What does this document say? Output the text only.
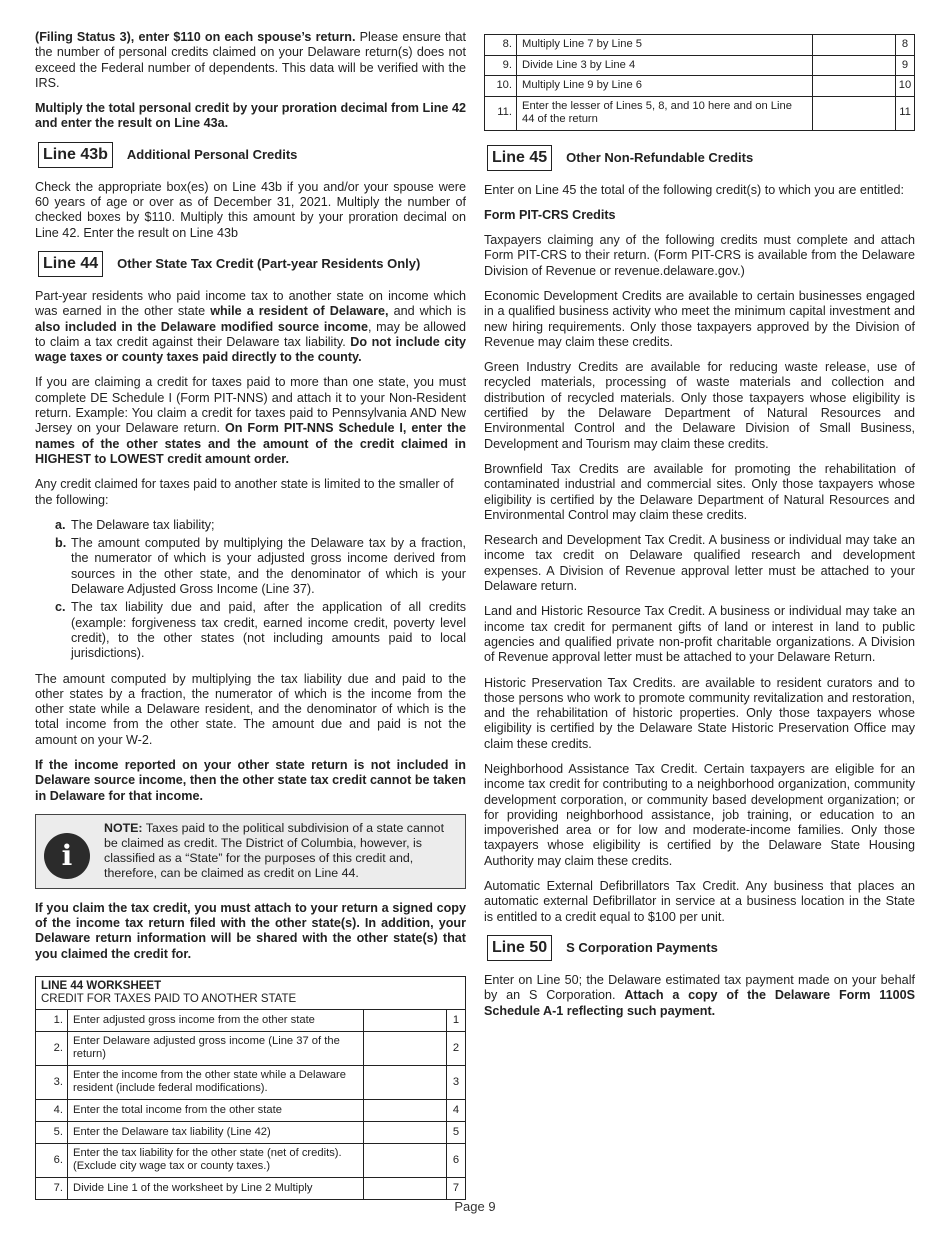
(Filing Status 3), enter $110 on each spouse’s return. Please ensure that the number of personal credits claimed on your Delaware return(s) does not exceed the Federal number of dependents. This data will be verified with the IRS.

Multiply the total personal credit by your proration decimal from Line 42 and enter the result on Line 43a.

Line 43b	Additional Personal Credits

Check the appropriate box(es) on Line 43b if you and/or your spouse were 60 years of age or over as of December 31, 2021. Multiply the number of checked boxes by $110. Multiply this amount by your proration decimal on Line 42. Enter the result on Line 43b

Line 44	Other State Tax Credit (Part-year Residents Only)

Part-year residents who paid income tax to another state on income which was earned in the other state while a resident of Delaware, and which is also included in the Delaware modified source income, may be allowed to claim a tax credit against their Delaware tax liability. Do not include city wage taxes or county taxes paid directly to the county.

If you are claiming a credit for taxes paid to more than one state, you must complete DE Schedule I (Form PIT-NNS) and attach it to your Non-Resident return. Example: You claim a credit for taxes paid to Pennsylvania AND New Jersey on your Delaware return. On Form PIT-NNS Schedule I, enter the names of the other states and the amount of the credit claimed in HIGHEST to LOWEST credit amount order.

Any credit claimed for taxes paid to another state is limited to the smaller of the following:

a. The Delaware tax liability;
b. The amount computed by multiplying the Delaware tax by a fraction, the numerator of which is your adjusted gross income derived from sources in the other state, and the denominator of which is your Delaware Adjusted Gross Income (Line 37).
c. The tax liability due and paid, after the application of all credits (example: forgiveness tax credit, earned income credit, poverty level credit), to the other states (not including amounts paid to local jurisdictions).

The amount computed by multiplying the tax liability due and paid to the other states by a fraction, the numerator of which is the income from the other state while a Delaware resident, and the denominator of which is the total income from the other state. The amount due and paid is not the amount on your W-2.

If the income reported on your other state return is not included in Delaware source income, then the other state tax credit cannot be taken in Delaware for that income.

i
NOTE: Taxes paid to the political subdivision of a state cannot be claimed as credit. The District of Columbia, however, is classified as a “State” for the purposes of this credit and, therefore, can be claimed as credit on Line 44.

If you claim the tax credit, you must attach to your return a signed copy of the income tax return filed with the other state(s). In addition, your Delaware return information will be shared with the other state(s) that you claimed the credit for.

LINE 44 WORKSHEET
CREDIT FOR TAXES PAID TO ANOTHER STATE			
1.	Enter adjusted gross income from the other state		1
2.	Enter Delaware adjusted gross income (Line 37 of the return)		2
3.	Enter the income from the other state while a Delaware resident (include federal modifications).		3
4.	Enter the total income from the other state		4
5.	Enter the Delaware tax liability (Line 42)		5
6.	Enter the tax liability for the other state (net of credits). (Exclude city wage tax or county taxes.)		6
7.	Divide Line 1 of the worksheet by Line 2 Multiply		7
8.	Multiply Line 7 by Line 5		8
9.	Divide Line 3 by Line 4		9
10.	Multiply Line 9 by Line 6		10
11.	Enter the lesser of Lines 5, 8, and 10 here and on Line 44 of the return		11
Line 45	Other Non-Refundable Credits

Enter on Line 45 the total of the following credit(s) to which you are entitled:

Form PIT-CRS Credits

Taxpayers claiming any of the following credits must complete and attach Form PIT-CRS to their return. (Form PIT-CRS is available from the Delaware Division of Revenue or revenue.delaware.gov.)

Economic Development Credits are available to certain businesses engaged in a qualified business activity who meet the minimum capital investment and new hiring requirements. Only those taxpayers approved by the Division of Revenue may claim these credits.

Green Industry Credits are available for reducing waste release, use of recycled materials, processing of waste materials and collection and distribution of recycled materials. Only those taxpayers whose eligibility is certified by the Delaware Department of Natural Resources and Environmental Control and the Delaware Division of Small Business, Development and Tourism may claim these credits.

Brownfield Tax Credits are available for promoting the rehabilitation of contaminated industrial and commercial sites. Only those taxpayers whose eligibility is certified by the Delaware Department of Natural Resources and Environmental Control may claim these credits.

Research and Development Tax Credit. A business or individual may take an income tax credit on Delaware qualified research and development expenses. A Division of Revenue approval letter must be attached to your Delaware return.

Land and Historic Resource Tax Credit. A business or individual may take an income tax credit for permanent gifts of land or interest in land to public agencies and qualified private non-profit charitable organizations. A Division of Revenue approval letter must be attached to your Delaware Return.

Historic Preservation Tax Credits. are available to resident curators and to those persons who work to promote community revitalization and restoration, and the rehabilitation of historic properties. Only those taxpayers whose eligibility is certified by the Delaware State Historic Preservation Office may claim these credits.

Neighborhood Assistance Tax Credit. Certain taxpayers are eligible for an income tax credit for contributing to a neighborhood organization, community development corporation, or community based development organization; or for providing neighborhood assistance, job training, or education to an impoverished area or for low and moderate-income families. Only those taxpayers whose eligibility is certified by the Delaware State Housing Authority may claim these credits.

Automatic External Defibrillators Tax Credit. Any business that places an automatic external Defibrillator in service at a business location in the State is entitled to a credit equal to $100 per unit.

Line 50	S Corporation Payments

Enter on Line 50; the Delaware estimated tax payment made on your behalf by an S Corporation. Attach a copy of the Delaware Form 1100S Schedule A-1 reflecting such payment.

Page 9
